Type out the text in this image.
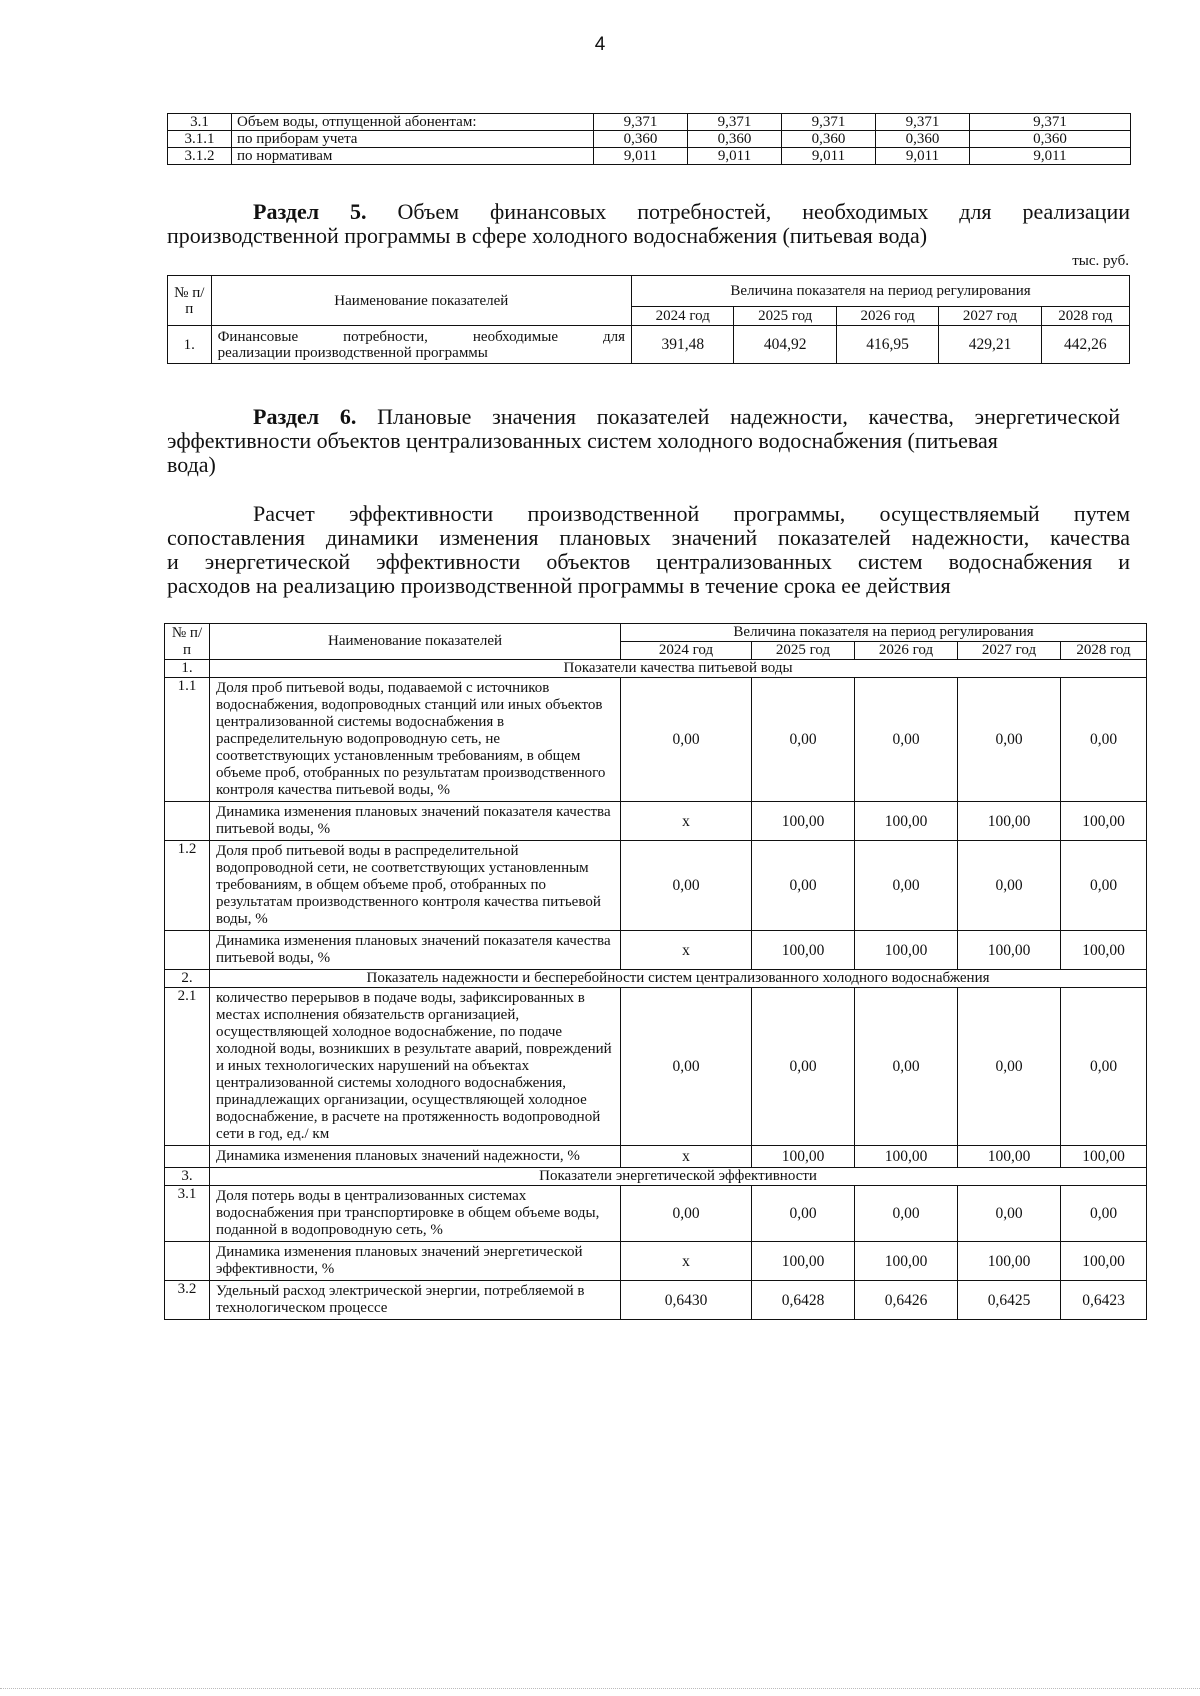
4
3.1	Объем воды, отпущенной абонентам:	9,371	9,371	9,371	9,371	9,371
3.1.1	по приборам учета	0,360	0,360	0,360	0,360	0,360
3.1.2	по нормативам	9,011	9,011	9,011	9,011	9,011
Раздел 5. Объем финансовых потребностей, необходимых для реализации
производственной программы в сфере холодного водоснабжения (питьевая вода)
тыс. руб.
№ п/п	Наименование показателей	Величина показателя на период регулирования				
		2024 год	2025 год	2026 год	2027 год	2028 год
1.	Финансовые потребности, необходимые для
реализации производственной программы	391,48	404,92	416,95	429,21	442,26
Раздел 6. Плановые значения показателей надежности, качества, энергетической
эффективности объектов централизованных систем холодного водоснабжения (питьевая
вода)
Расчет эффективности производственной программы, осуществляемый путем
сопоставления динамики изменения плановых значений показателей надежности, качества
и энергетической эффективности объектов централизованных систем водоснабжения и
расходов на реализацию производственной программы в течение срока ее действия
№ п/п	Наименование показателей	Величина показателя на период регулирования				
		2024 год	2025 год	2026 год	2027 год	2028 год
1.	Показатели качества питьевой воды					
1.1	Доля проб питьевой воды, подаваемой с источников водоснабжения, водопроводных станций или иных объектов централизованной системы водоснабжения в распределительную водопроводную сеть, не соответствующих установленным требованиям, в общем объеме проб, отобранных по результатам производственного контроля качества питьевой воды, %	0,00	0,00	0,00	0,00	0,00
	Динамика изменения плановых значений показателя качества питьевой воды, %	x	100,00	100,00	100,00	100,00
1.2	Доля проб питьевой воды в распределительной водопроводной сети, не соответствующих установленным требованиям, в общем объеме проб, отобранных по результатам производственного контроля качества питьевой воды, %	0,00	0,00	0,00	0,00	0,00
	Динамика изменения плановых значений показателя качества питьевой воды, %	x	100,00	100,00	100,00	100,00
2.	Показатель надежности и бесперебойности систем централизованного холодного водоснабжения					
2.1	количество перерывов в подаче воды, зафиксированных в местах исполнения обязательств организацией, осуществляющей холодное водоснабжение, по подаче холодной воды, возникших в результате аварий, повреждений и иных технологических нарушений на объектах централизованной системы холодного водоснабжения, принадлежащих организации, осуществляющей холодное водоснабжение, в расчете на протяженность водопроводной сети в год, ед./ км	0,00	0,00	0,00	0,00	0,00
	Динамика изменения плановых значений надежности, %	x	100,00	100,00	100,00	100,00
3.	Показатели энергетической эффективности					
3.1	Доля потерь воды в централизованных системах водоснабжения при транспортировке в общем объеме воды, поданной в водопроводную сеть, %	0,00	0,00	0,00	0,00	0,00
	Динамика изменения плановых значений энергетической эффективности, %	x	100,00	100,00	100,00	100,00
3.2	Удельный расход электрической энергии, потребляемой в технологическом процессе	0,6430	0,6428	0,6426	0,6425	0,6423
